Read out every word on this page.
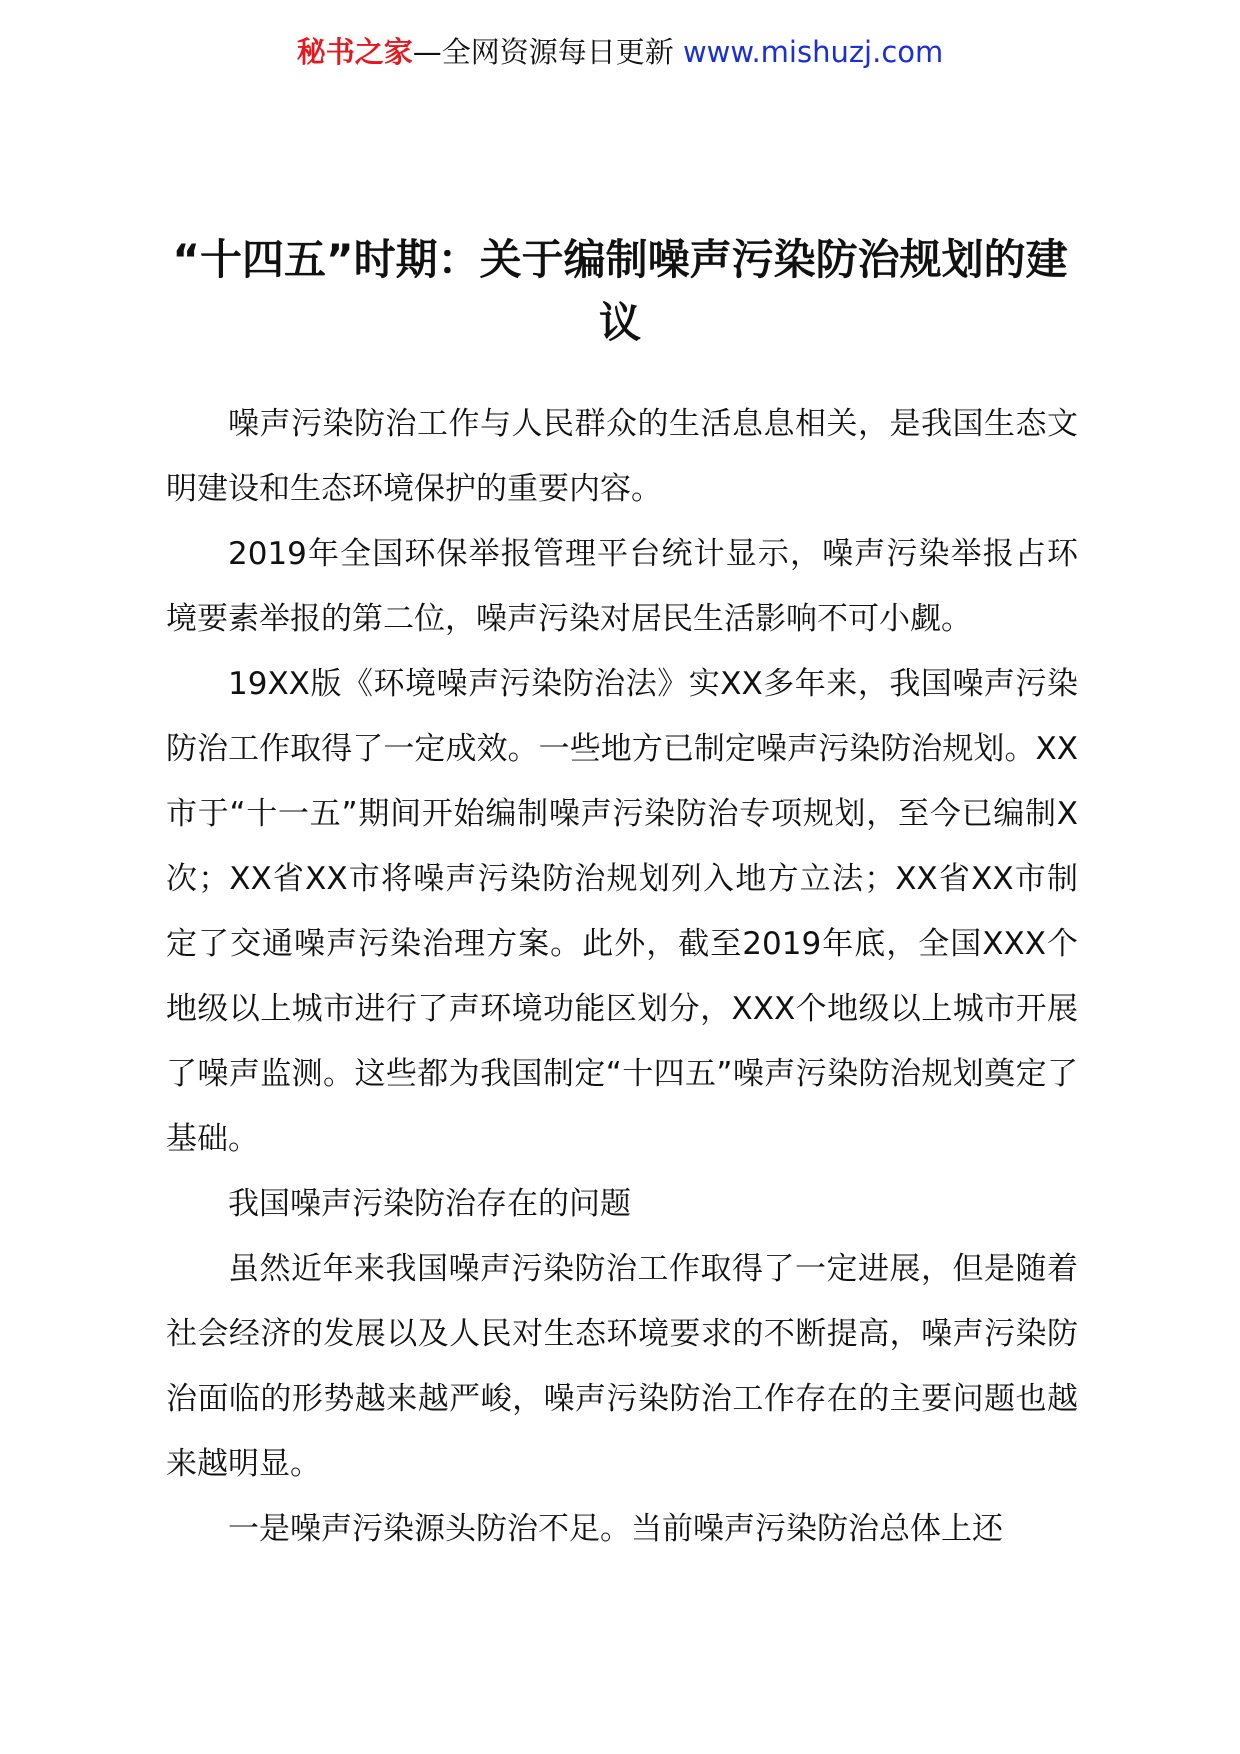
秘书之家—全网资源每日更新 www.mishuzj.com
“十四五”时期：关于编制噪声污染防治规划的建议

噪声污染防治工作与人民群众的生活息息相关，是我国生态文明建设和生态环境保护的重要内容。

2019年全国环保举报管理平台统计显示，噪声污染举报占环境要素举报的第二位，噪声污染对居民生活影响不可小觑。

19XX版《环境噪声污染防治法》实XX多年来，我国噪声污染防治工作取得了一定成效。一些地方已制定噪声污染防治规划。XX市于“十一五”期间开始编制噪声污染防治专项规划，至今已编制X次；XX省XX市将噪声污染防治规划列入地方立法；XX省XX市制定了交通噪声污染治理方案。此外，截至2019年底，全国XXX个地级以上城市进行了声环境功能区划分，XXX个地级以上城市开展了噪声监测。这些都为我国制定“十四五”噪声污染防治规划奠定了基础。

我国噪声污染防治存在的问题

虽然近年来我国噪声污染防治工作取得了一定进展，但是随着社会经济的发展以及人民对生态环境要求的不断提高，噪声污染防治面临的形势越来越严峻，噪声污染防治工作存在的主要问题也越来越明显。

一是噪声污染源头防治不足。当前噪声污染防治总体上还
